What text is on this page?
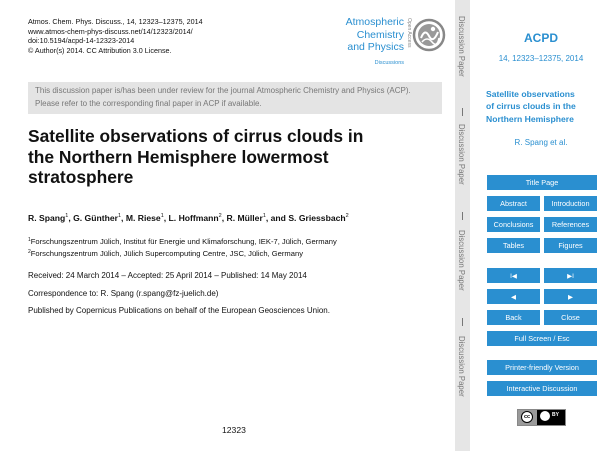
Atmos. Chem. Phys. Discuss., 14, 12323–12375, 2014
www.atmos-chem-phys-discuss.net/14/12323/2014/
doi:10.5194/acpd-14-12323-2014
© Author(s) 2014. CC Attribution 3.0 License.
Atmospheric
Chemistry
and Physics
Discussions
Open Access
This discussion paper is/has been under review for the journal Atmospheric Chemistry and Physics (ACP). Please refer to the corresponding final paper in ACP if available.
Satellite observations of cirrus clouds in
the Northern Hemisphere lowermost
stratosphere
R. Spang$^1$, G. Günther$^1$, M. Riese$^1$, L. Hoffmann$^2$, R. Müller$^1$, and S. Griessbach$^2$
$^1$Forschungszentrum Jülich, Institut für Energie und Klimaforschung, IEK-7, Jülich, Germany
$^2$Forschungszentrum Jülich, Jülich Supercomputing Centre, JSC, Jülich, Germany
Received: 24 March 2014 – Accepted: 25 April 2014 – Published: 14 May 2014
Correspondence to: R. Spang (r.spang@fz-juelich.de)
Published by Copernicus Publications on behalf of the European Geosciences Union.
12323
Discussion Paper
Discussion Paper
Discussion Paper
Discussion Paper
ACPD
14, 12323–12375, 2014
Satellite observations
of cirrus clouds in the
Northern Hemisphere
R. Spang et al.
Title Page
Abstract	Introduction
Conclusions	References
Tables	Figures
I◀	▶I
◀	▶
Back	Close
Full Screen / Esc
Printer-friendly Version
Interactive Discussion
cc	BY
